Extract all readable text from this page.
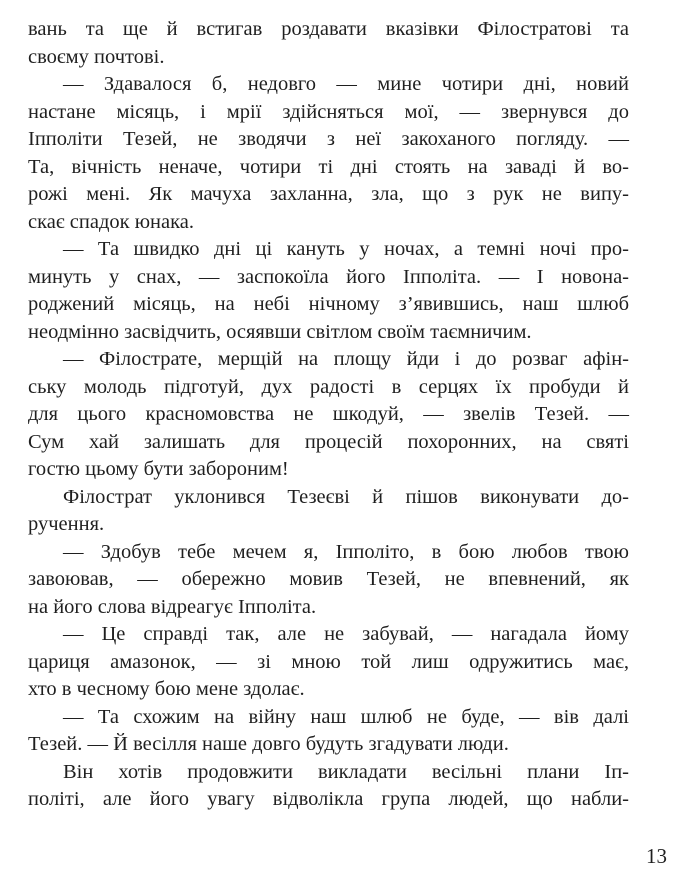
вань та ще й встигав роздавати вказівки Філостратові та
своєму почтові.
— Здавалося б, недовго — мине чотири дні, новий
настане місяць, і мрії здійсняться мої, — звернувся до
Іпполіти Тезей, не зводячи з неї закоханого погляду. —
Та, вічність неначе, чотири ті дні стоять на заваді й во-
рожі мені. Як мачуха захланна, зла, що з рук не випу-
скає спадок юнака.
— Та швидко дні ці кануть у ночах, а темні ночі про-
минуть у снах, — заспокоїла його Іпполіта. — І новона-
роджений місяць, на небі нічному з’явившись, наш шлюб
неодмінно засвідчить, осяявши світлом своїм таємничим.
— Філострате, мерщій на площу йди і до розваг афін-
ську молодь підготуй, дух радості в серцях їх пробуди й
для цього красномовства не шкодуй, — звелів Тезей. —
Сум хай залишать для процесій похоронних, на святі
гостю цьому бути забороним!
Філострат уклонився Тезеєві й пішов виконувати до-
ручення.
— Здобув тебе мечем я, Іпполіто, в бою любов твою
завоював, — обережно мовив Тезей, не впевнений, як
на його слова відреагує Іпполіта.
— Це справді так, але не забувай, — нагадала йому
цариця амазонок, — зі мною той лиш одружитись має,
хто в чесному бою мене здолає.
— Та схожим на війну наш шлюб не буде, — вів далі
Тезей. — Й весілля наше довго будуть згадувати люди.
Він хотів продовжити викладати весільні плани Іп-
політі, але його увагу відволікла група людей, що набли-
13
